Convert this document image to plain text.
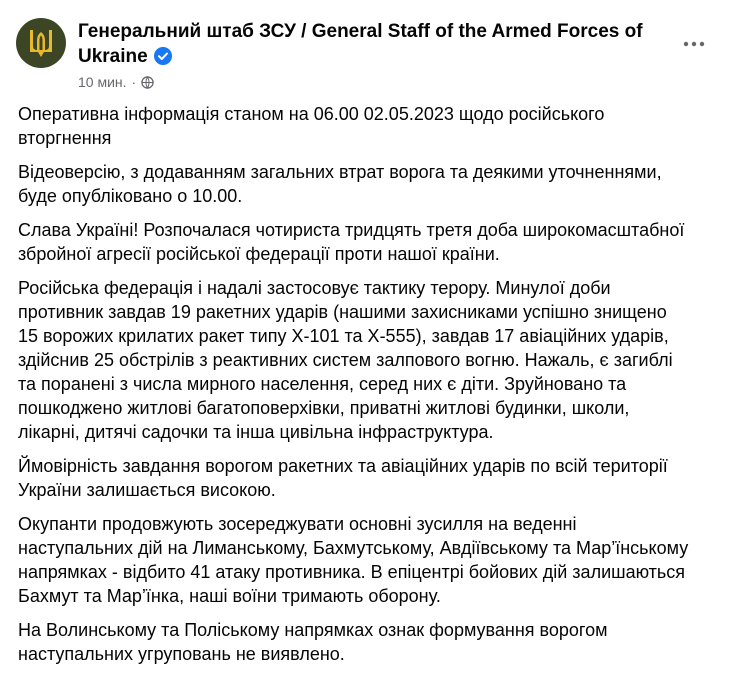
Генеральний штаб ЗСУ / General Staff of the Armed Forces of Ukraine
10 мин. ·

Оперативна інформація станом на 06.00 02.05.2023 щодо російського
вторгнення

Відеоверсію, з додаванням загальних втрат ворога та деякими уточненнями,
буде опубліковано о 10.00.

Слава Україні! Розпочалася чотириста тридцять третя доба широкомасштабної
збройної агресії російської федерації проти нашої країни.

Російська федерація і надалі застосовує тактику терору. Минулої доби
противник завдав 19 ракетних ударів (нашими захисниками успішно знищено
15 ворожих крилатих ракет типу Х-101 та Х-555), завдав 17 авіаційних ударів,
здійснив 25 обстрілів з реактивних систем залпового вогню. Нажаль, є загиблі
та поранені з числа мирного населення, серед них є діти. Зруйновано та
пошкоджено житлові багатоповерхівки, приватні житлові будинки, школи,
лікарні, дитячі садочки та інша цивільна інфраструктура.

Ймовірність завдання ворогом ракетних та авіаційних ударів по всій території
України залишається високою.

Окупанти продовжують зосереджувати основні зусилля на веденні
наступальних дій на Лиманському, Бахмутському, Авдіївському та Мар’їнському
напрямках - відбито 41 атаку противника. В епіцентрі бойових дій залишаються
Бахмут та Мар’їнка, наші воїни тримають оборону.

На Волинському та Поліському напрямках ознак формування ворогом
наступальних угруповань не виявлено.
